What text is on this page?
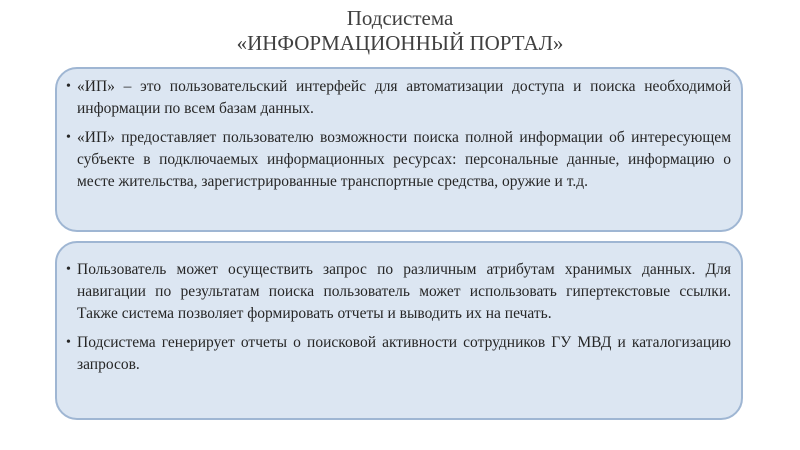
Подсистема
«ИНФОРМАЦИОННЫЙ ПОРТАЛ»
• «ИП» – это пользовательский интерфейс для автоматизации доступа и поиска необходимой информации по всем базам данных.
• «ИП» предоставляет пользователю возможности поиска полной информации об интересующем субъекте в подключаемых информационных ресурсах: персональные данные, информацию о месте жительства, зарегистрированные транспортные средства, оружие и т.д.
• Пользователь может осуществить запрос по различным атрибутам хранимых данных. Для навигации по результатам поиска пользователь может использовать гипертекстовые ссылки. Также система позволяет формировать отчеты и выводить их на печать.
• Подсистема генерирует отчеты о поисковой активности сотрудников ГУ МВД и каталогизацию запросов.
